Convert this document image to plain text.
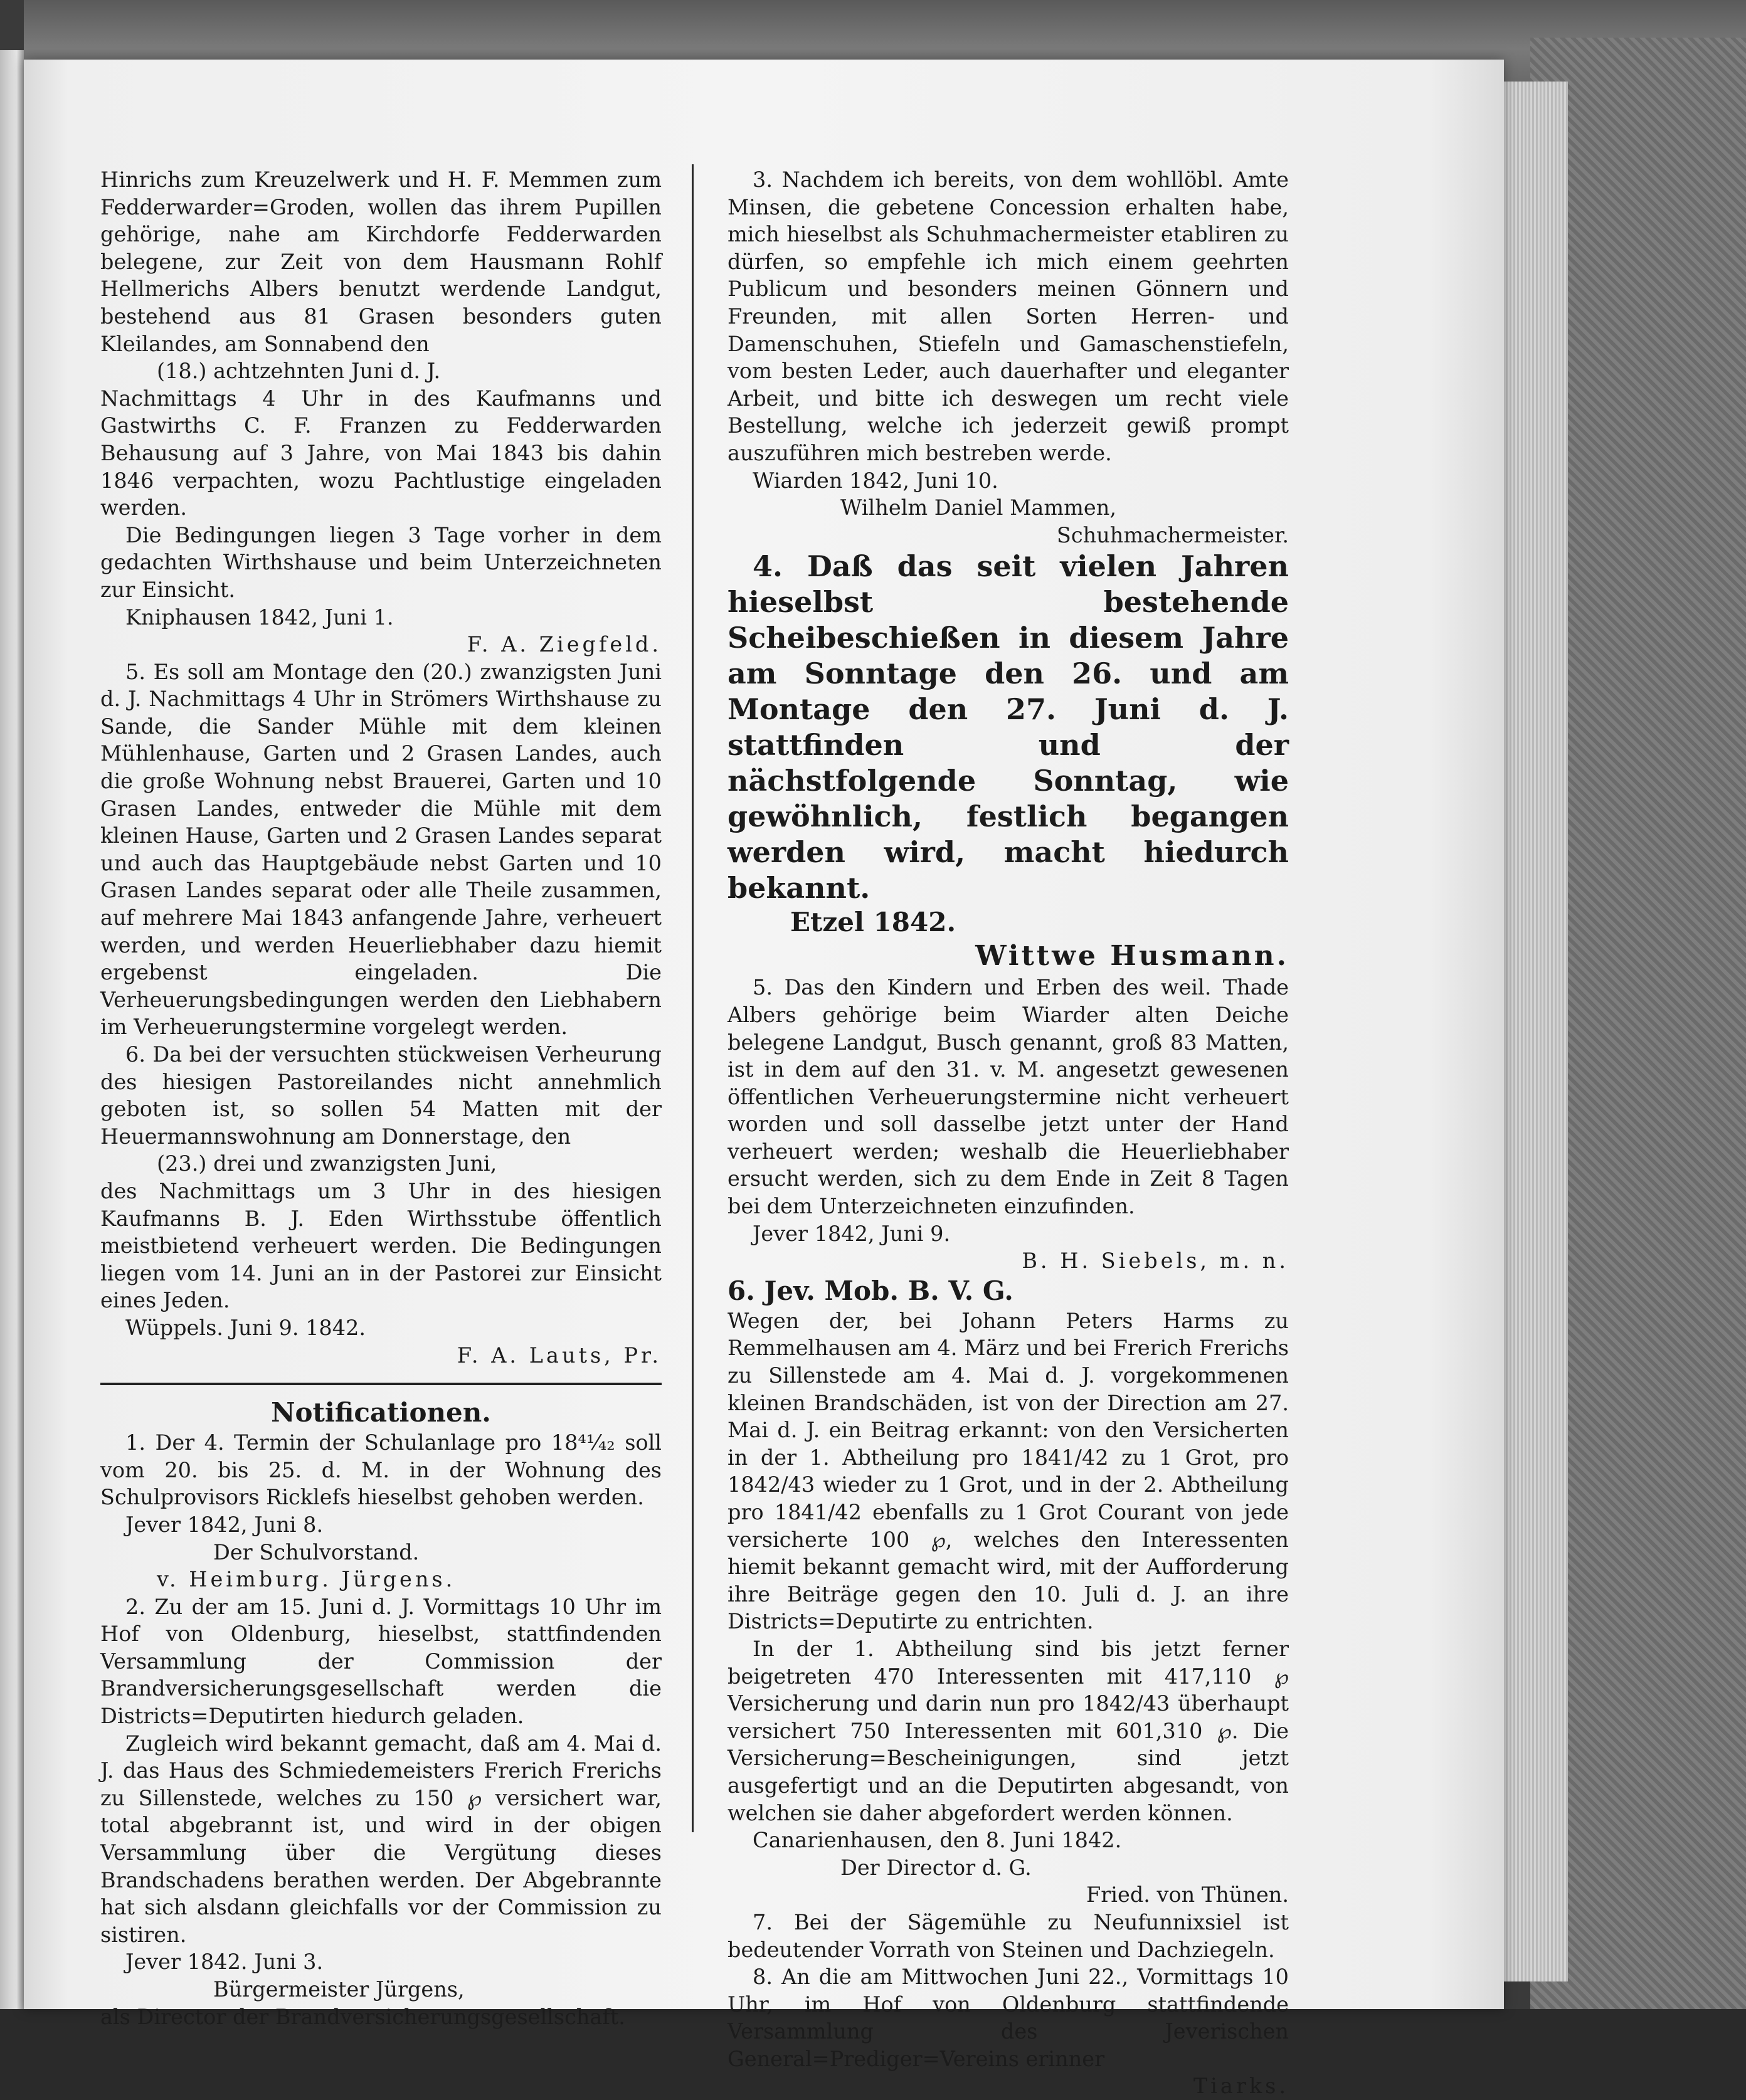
Hinrichs zum Kreuzelwerk und H. F. Memmen zum Fedderwarder=Groden, wollen das ihrem Pupillen gehörige, nahe am Kirchdorfe Fedderwarden belegene, zur Zeit von dem Hausmann Rohlf Hellmerichs Albers benutzt werdende Landgut, bestehend aus 81 Grasen besonders guten Kleilandes, am Sonnabend den

(18.) achtzehnten Juni d. J.

Nachmittags 4 Uhr in des Kaufmanns und Gastwirths C. F. Franzen zu Fedderwarden Behausung auf 3 Jahre, von Mai 1843 bis dahin 1846 verpachten, wozu Pachtlustige eingeladen werden.

Die Bedingungen liegen 3 Tage vorher in dem gedachten Wirthshause und beim Unterzeichneten zur Einsicht.

Kniphausen 1842, Juni 1.

F. A. Ziegfeld.

5. Es soll am Montage den (20.) zwanzigsten Juni d. J. Nachmittags 4 Uhr in Strömers Wirthshause zu Sande, die Sander Mühle mit dem kleinen Mühlenhause, Garten und 2 Grasen Landes, auch die große Wohnung nebst Brauerei, Garten und 10 Grasen Landes, entweder die Mühle mit dem kleinen Hause, Garten und 2 Grasen Landes separat und auch das Hauptgebäude nebst Garten und 10 Grasen Landes separat oder alle Theile zusammen, auf mehrere Mai 1843 anfangende Jahre, verheuert werden, und werden Heuerliebhaber dazu hiemit ergebenst eingeladen. Die Verheuerungsbedingungen werden den Liebhabern im Verheuerungstermine vorgelegt werden.

6. Da bei der versuchten stückweisen Verheurung des hiesigen Pastoreilandes nicht annehmlich geboten ist, so sollen 54 Matten mit der Heuermannswohnung am Donnerstage, den

(23.) drei und zwanzigsten Juni,

des Nachmittags um 3 Uhr in des hiesigen Kaufmanns B. J. Eden Wirthsstube öffentlich meistbietend verheuert werden. Die Bedingungen liegen vom 14. Juni an in der Pastorei zur Einsicht eines Jeden.

Wüppels. Juni 9. 1842.

F. A. Lauts, Pr.

Notificationen.

1. Der 4. Termin der Schulanlage pro 18⁴¹⁄₄₂ soll vom 20. bis 25. d. M. in der Wohnung des Schulprovisors Ricklefs hieselbst gehoben werden.

Jever 1842, Juni 8.

Der Schulvorstand.

v. Heimburg. Jürgens.

2. Zu der am 15. Juni d. J. Vormittags 10 Uhr im Hof von Oldenburg, hieselbst, stattfindenden Versammlung der Commission der Brandversicherungsgesellschaft werden die Districts=Deputirten hiedurch geladen.

Zugleich wird bekannt gemacht, daß am 4. Mai d. J. das Haus des Schmiedemeisters Frerich Frerichs zu Sillenstede, welches zu 150 ℘ versichert war, total abgebrannt ist, und wird in der obigen Versammlung über die Vergütung dieses Brandschadens berathen werden. Der Abgebrannte hat sich alsdann gleichfalls vor der Commission zu sistiren.

Jever 1842. Juni 3.

Bürgermeister Jürgens,

als Director der Brandversicherungsgesellschaft.

3. Nachdem ich bereits, von dem wohllöbl. Amte Minsen, die gebetene Concession erhalten habe, mich hieselbst als Schuhmachermeister etabliren zu dürfen, so empfehle ich mich einem geehrten Publicum und besonders meinen Gönnern und Freunden, mit allen Sorten Herren- und Damenschuhen, Stiefeln und Gamaschenstiefeln, vom besten Leder, auch dauerhafter und eleganter Arbeit, und bitte ich deswegen um recht viele Bestellung, welche ich jederzeit gewiß prompt auszuführen mich bestreben werde.

Wiarden 1842, Juni 10.

Wilhelm Daniel Mammen,

Schuhmachermeister.

4. Daß das seit vielen Jahren hieselbst bestehende Scheibeschießen in diesem Jahre am Sonntage den 26. und am Montage den 27. Juni d. J. stattfinden und der nächstfolgende Sonntag, wie gewöhnlich, festlich begangen werden wird, macht hiedurch bekannt.

Etzel 1842.

Wittwe Husmann.

5. Das den Kindern und Erben des weil. Thade Albers gehörige beim Wiarder alten Deiche belegene Landgut, Busch genannt, groß 83 Matten, ist in dem auf den 31. v. M. angesetzt gewesenen öffentlichen Verheuerungstermine nicht verheuert worden und soll dasselbe jetzt unter der Hand verheuert werden; weshalb die Heuerliebhaber ersucht werden, sich zu dem Ende in Zeit 8 Tagen bei dem Unterzeichneten einzufinden.

Jever 1842, Juni 9.

B. H. Siebels, m. n.

6. Jev. Mob. B. V. G.

Wegen der, bei Johann Peters Harms zu Remmelhausen am 4. März und bei Frerich Frerichs zu Sillenstede am 4. Mai d. J. vorgekommenen kleinen Brandschäden, ist von der Direction am 27. Mai d. J. ein Beitrag erkannt: von den Versicherten in der 1. Abtheilung pro 1841/42 zu 1 Grot, pro 1842/43 wieder zu 1 Grot, und in der 2. Abtheilung pro 1841/42 ebenfalls zu 1 Grot Courant von jede versicherte 100 ℘, welches den Interessenten hiemit bekannt gemacht wird, mit der Aufforderung ihre Beiträge gegen den 10. Juli d. J. an ihre Districts=Deputirte zu entrichten.

In der 1. Abtheilung sind bis jetzt ferner beigetreten 470 Interessenten mit 417,110 ℘ Versicherung und darin nun pro 1842/43 überhaupt versichert 750 Interessenten mit 601,310 ℘. Die Versicherung=Bescheinigungen, sind jetzt ausgefertigt und an die Deputirten abgesandt, von welchen sie daher abgefordert werden können.

Canarienhausen, den 8. Juni 1842.

Der Director d. G.

Fried. von Thünen.

7. Bei der Sägemühle zu Neufunnixsiel ist bedeutender Vorrath von Steinen und Dachziegeln.

8. An die am Mittwochen Juni 22., Vormittags 10 Uhr, im Hof von Oldenburg stattfindende Versammlung des Jeverischen General=Prediger=Vereins erinner

Tiarks.
